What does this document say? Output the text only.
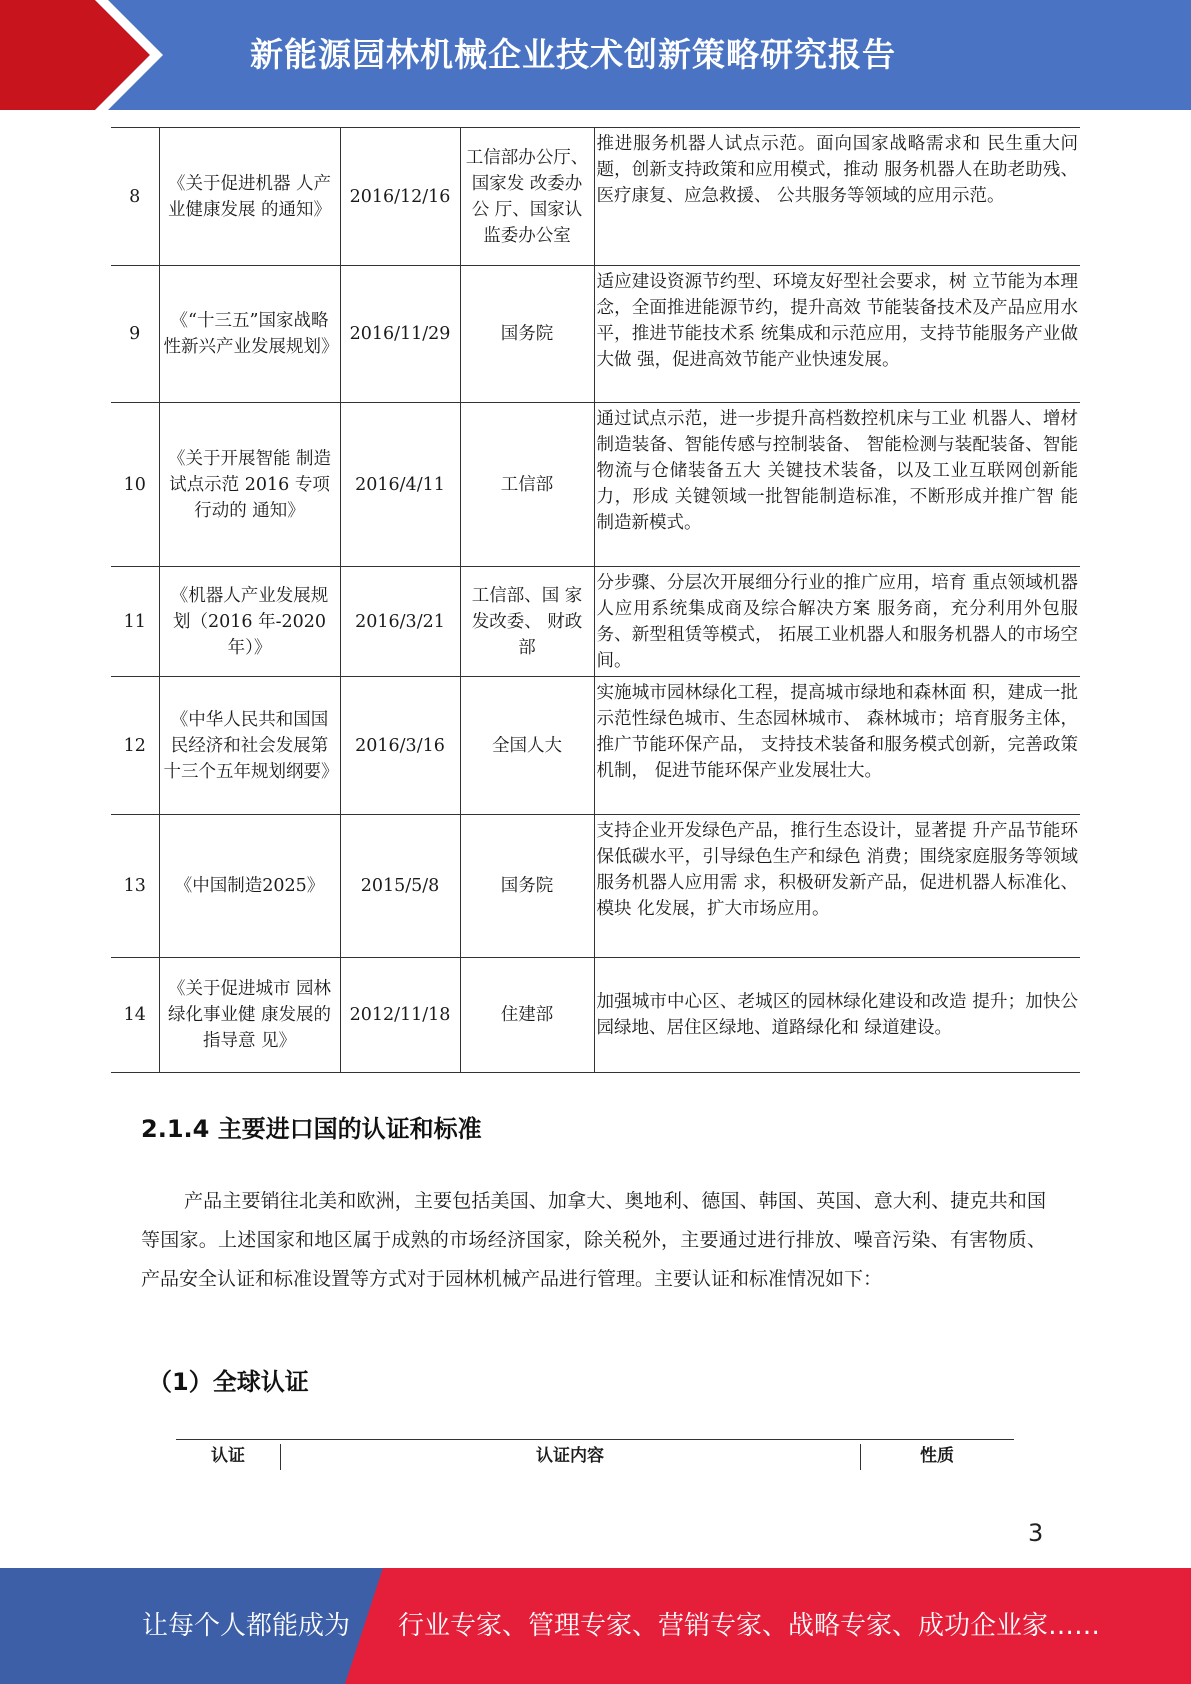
新能源园林机械企业技术创新策略研究报告
8	《关于促进机器 人产业健康发展 的通知》	2016/12/16	工信部办公厅、国家发 改委办公 厅、国家认 监委办公室	推进服务机器人试点示范。面向国家战略需求和 民生重大问题，创新支持政策和应用模式，推动 服务机器人在助老助残、医疗康复、应急救援、 公共服务等领域的应用示范。
9	《“十三五”国家战略性新兴产业发展规划》	2016/11/29	国务院	适应建设资源节约型、环境友好型社会要求，树 立节能为本理念，全面推进能源节约，提升高效 节能装备技术及产品应用水平，推进节能技术系 统集成和示范应用，支持节能服务产业做大做 强，促进高效节能产业快速发展。
10	《关于开展智能 制造试点示范 2016 专项行动的 通知》	2016/4/11	工信部	通过试点示范，进一步提升高档数控机床与工业 机器人、增材制造装备、智能传感与控制装备、 智能检测与装配装备、智能物流与仓储装备五大 关键技术装备，以及工业互联网创新能力，形成 关键领域一批智能制造标准，不断形成并推广智 能制造新模式。
11	《机器人产业发展规划（2016 年-2020 年）》	2016/3/21	工信部、国 家发改委、 财政部	分步骤、分层次开展细分行业的推广应用，培育 重点领域机器人应用系统集成商及综合解决方案 服务商，充分利用外包服务、新型租赁等模式， 拓展工业机器人和服务机器人的市场空间。
12	《中华人民共和国国民经济和社会发展第十三个五年规划纲要》	2016/3/16	全国人大	实施城市园林绿化工程，提高城市绿地和森林面 积，建成一批示范性绿色城市、生态园林城市、 森林城市；培育服务主体，推广节能环保产品， 支持技术装备和服务模式创新，完善政策机制， 促进节能环保产业发展壮大。
13	《中国制造2025》	2015/5/8	国务院	支持企业开发绿色产品，推行生态设计，显著提 升产品节能环保低碳水平，引导绿色生产和绿色 消费；围绕家庭服务等领域服务机器人应用需 求，积极研发新产品，促进机器人标准化、模块 化发展，扩大市场应用。
14	《关于促进城市 园林绿化事业健 康发展的指导意 见》	2012/11/18	住建部	加强城市中心区、老城区的园林绿化建设和改造 提升；加快公园绿地、居住区绿地、道路绿化和 绿道建设。
2.1.4 主要进口国的认证和标准
产品主要销往北美和欧洲，主要包括美国、加拿大、奥地利、德国、韩国、英国、意大利、捷克共和国等国家。上述国家和地区属于成熟的市场经济国家，除关税外，主要通过进行排放、噪音污染、有害物质、产品安全认证和标准设置等方式对于园林机械产品进行管理。主要认证和标准情况如下：
（1）全球认证
认证	认证内容	性质
3
让每个人都能成为 行业专家、管理专家、营销专家、战略专家、成功企业家……
